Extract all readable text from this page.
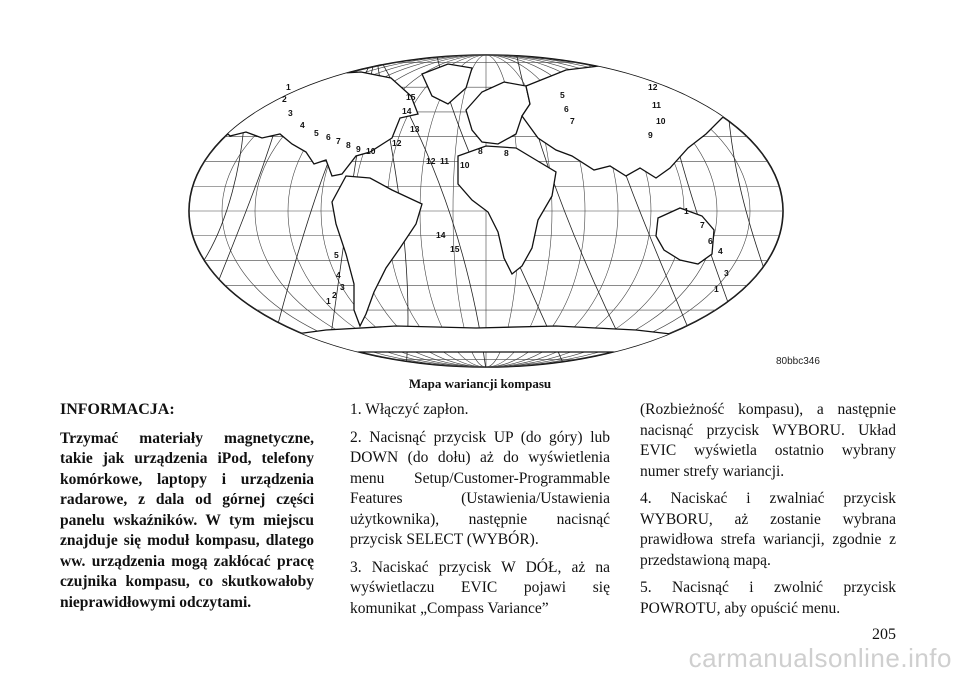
1
2
3
4
5 6 7 8 9 10
12
13
15
14
12 11 10
8	8
5
6
7
12
11
10
9
1
7
6
4
3
1
14
15
5
4
3
2
1
80bbc346
Mapa wariancji kompasu

INFORMACJA:

Trzymać materiały magnetyczne, takie jak urządzenia iPod, telefony komórkowe, laptopy i urządzenia radarowe, z dala od górnej części panelu wskaźników. W tym miejscu znajduje się moduł kompasu, dlatego ww. urządzenia mogą zakłócać pracę czujnika kompasu, co skutkowałoby nieprawidłowymi odczytami.

1. Włączyć zapłon.

2. Nacisnąć przycisk UP (do góry) lub DOWN (do dołu) aż do wyświetlenia menu Setup/Customer-Programmable Features (Ustawienia/Ustawienia użytkownika), następnie nacisnąć przycisk SELECT (WYBÓR).

3. Naciskać przycisk W DÓŁ, aż na wyświetlaczu EVIC pojawi się komunikat „Compass Variance”

(Rozbieżność kompasu), a następnie nacisnąć przycisk WYBORU. Układ EVIC wyświetla ostatnio wybrany numer strefy wariancji.

4. Naciskać i zwalniać przycisk WYBORU, aż zostanie wybrana prawidłowa strefa wariancji, zgodnie z przedstawioną mapą.

5. Nacisnąć i zwolnić przycisk POWROTU, aby opuścić menu.

205
carmanualsonline.info
